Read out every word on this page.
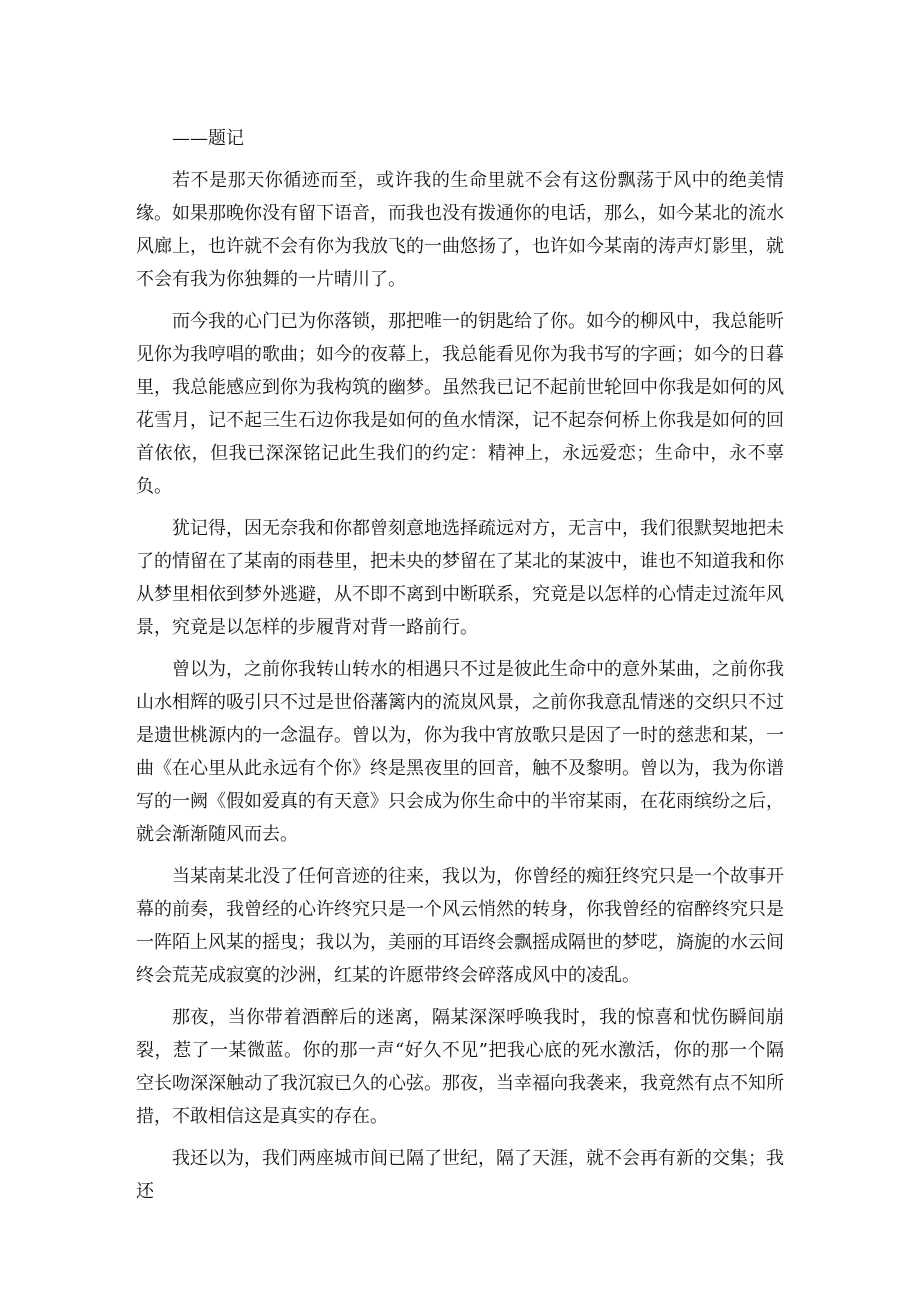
——题记

若不是那天你循迹而至，或许我的生命里就不会有这份飘荡于风中的绝美情缘。如果那晚你没有留下语音，而我也没有拨通你的电话，那么，如今某北的流水风廊上，也许就不会有你为我放飞的一曲悠扬了，也许如今某南的涛声灯影里，就不会有我为你独舞的一片晴川了。

而今我的心门已为你落锁，那把唯一的钥匙给了你。如今的柳风中，我总能听见你为我哼唱的歌曲；如今的夜幕上，我总能看见你为我书写的字画；如今的日暮里，我总能感应到你为我构筑的幽梦。虽然我已记不起前世轮回中你我是如何的风花雪月，记不起三生石边你我是如何的鱼水情深，记不起奈何桥上你我是如何的回首依依，但我已深深铭记此生我们的约定：精神上，永远爱恋；生命中，永不辜负。

犹记得，因无奈我和你都曾刻意地选择疏远对方，无言中，我们很默契地把未了的情留在了某南的雨巷里，把未央的梦留在了某北的某波中，谁也不知道我和你从梦里相依到梦外逃避，从不即不离到中断联系，究竟是以怎样的心情走过流年风景，究竟是以怎样的步履背对背一路前行。

曾以为，之前你我转山转水的相遇只不过是彼此生命中的意外某曲，之前你我山水相辉的吸引只不过是世俗藩篱内的流岚风景，之前你我意乱情迷的交织只不过是遗世桃源内的一念温存。曾以为，你为我中宵放歌只是因了一时的慈悲和某，一曲《在心里从此永远有个你》终是黑夜里的回音，触不及黎明。曾以为，我为你谱写的一阙《假如爱真的有天意》只会成为你生命中的半帘某雨，在花雨缤纷之后，就会渐渐随风而去。

当某南某北没了任何音迹的往来，我以为，你曾经的痴狂终究只是一个故事开幕的前奏，我曾经的心许终究只是一个风云悄然的转身，你我曾经的宿醉终究只是一阵陌上风某的摇曳；我以为，美丽的耳语终会飘摇成隔世的梦呓，旖旎的水云间终会荒芜成寂寞的沙洲，红某的许愿带终会碎落成风中的凌乱。

那夜，当你带着酒醉后的迷离，隔某深深呼唤我时，我的惊喜和忧伤瞬间崩裂，惹了一某微蓝。你的那一声“好久不见”把我心底的死水激活，你的那一个隔空长吻深深触动了我沉寂已久的心弦。那夜，当幸福向我袭来，我竟然有点不知所措，不敢相信这是真实的存在。

我还以为，我们两座城市间已隔了世纪，隔了天涯，就不会再有新的交集；我还
